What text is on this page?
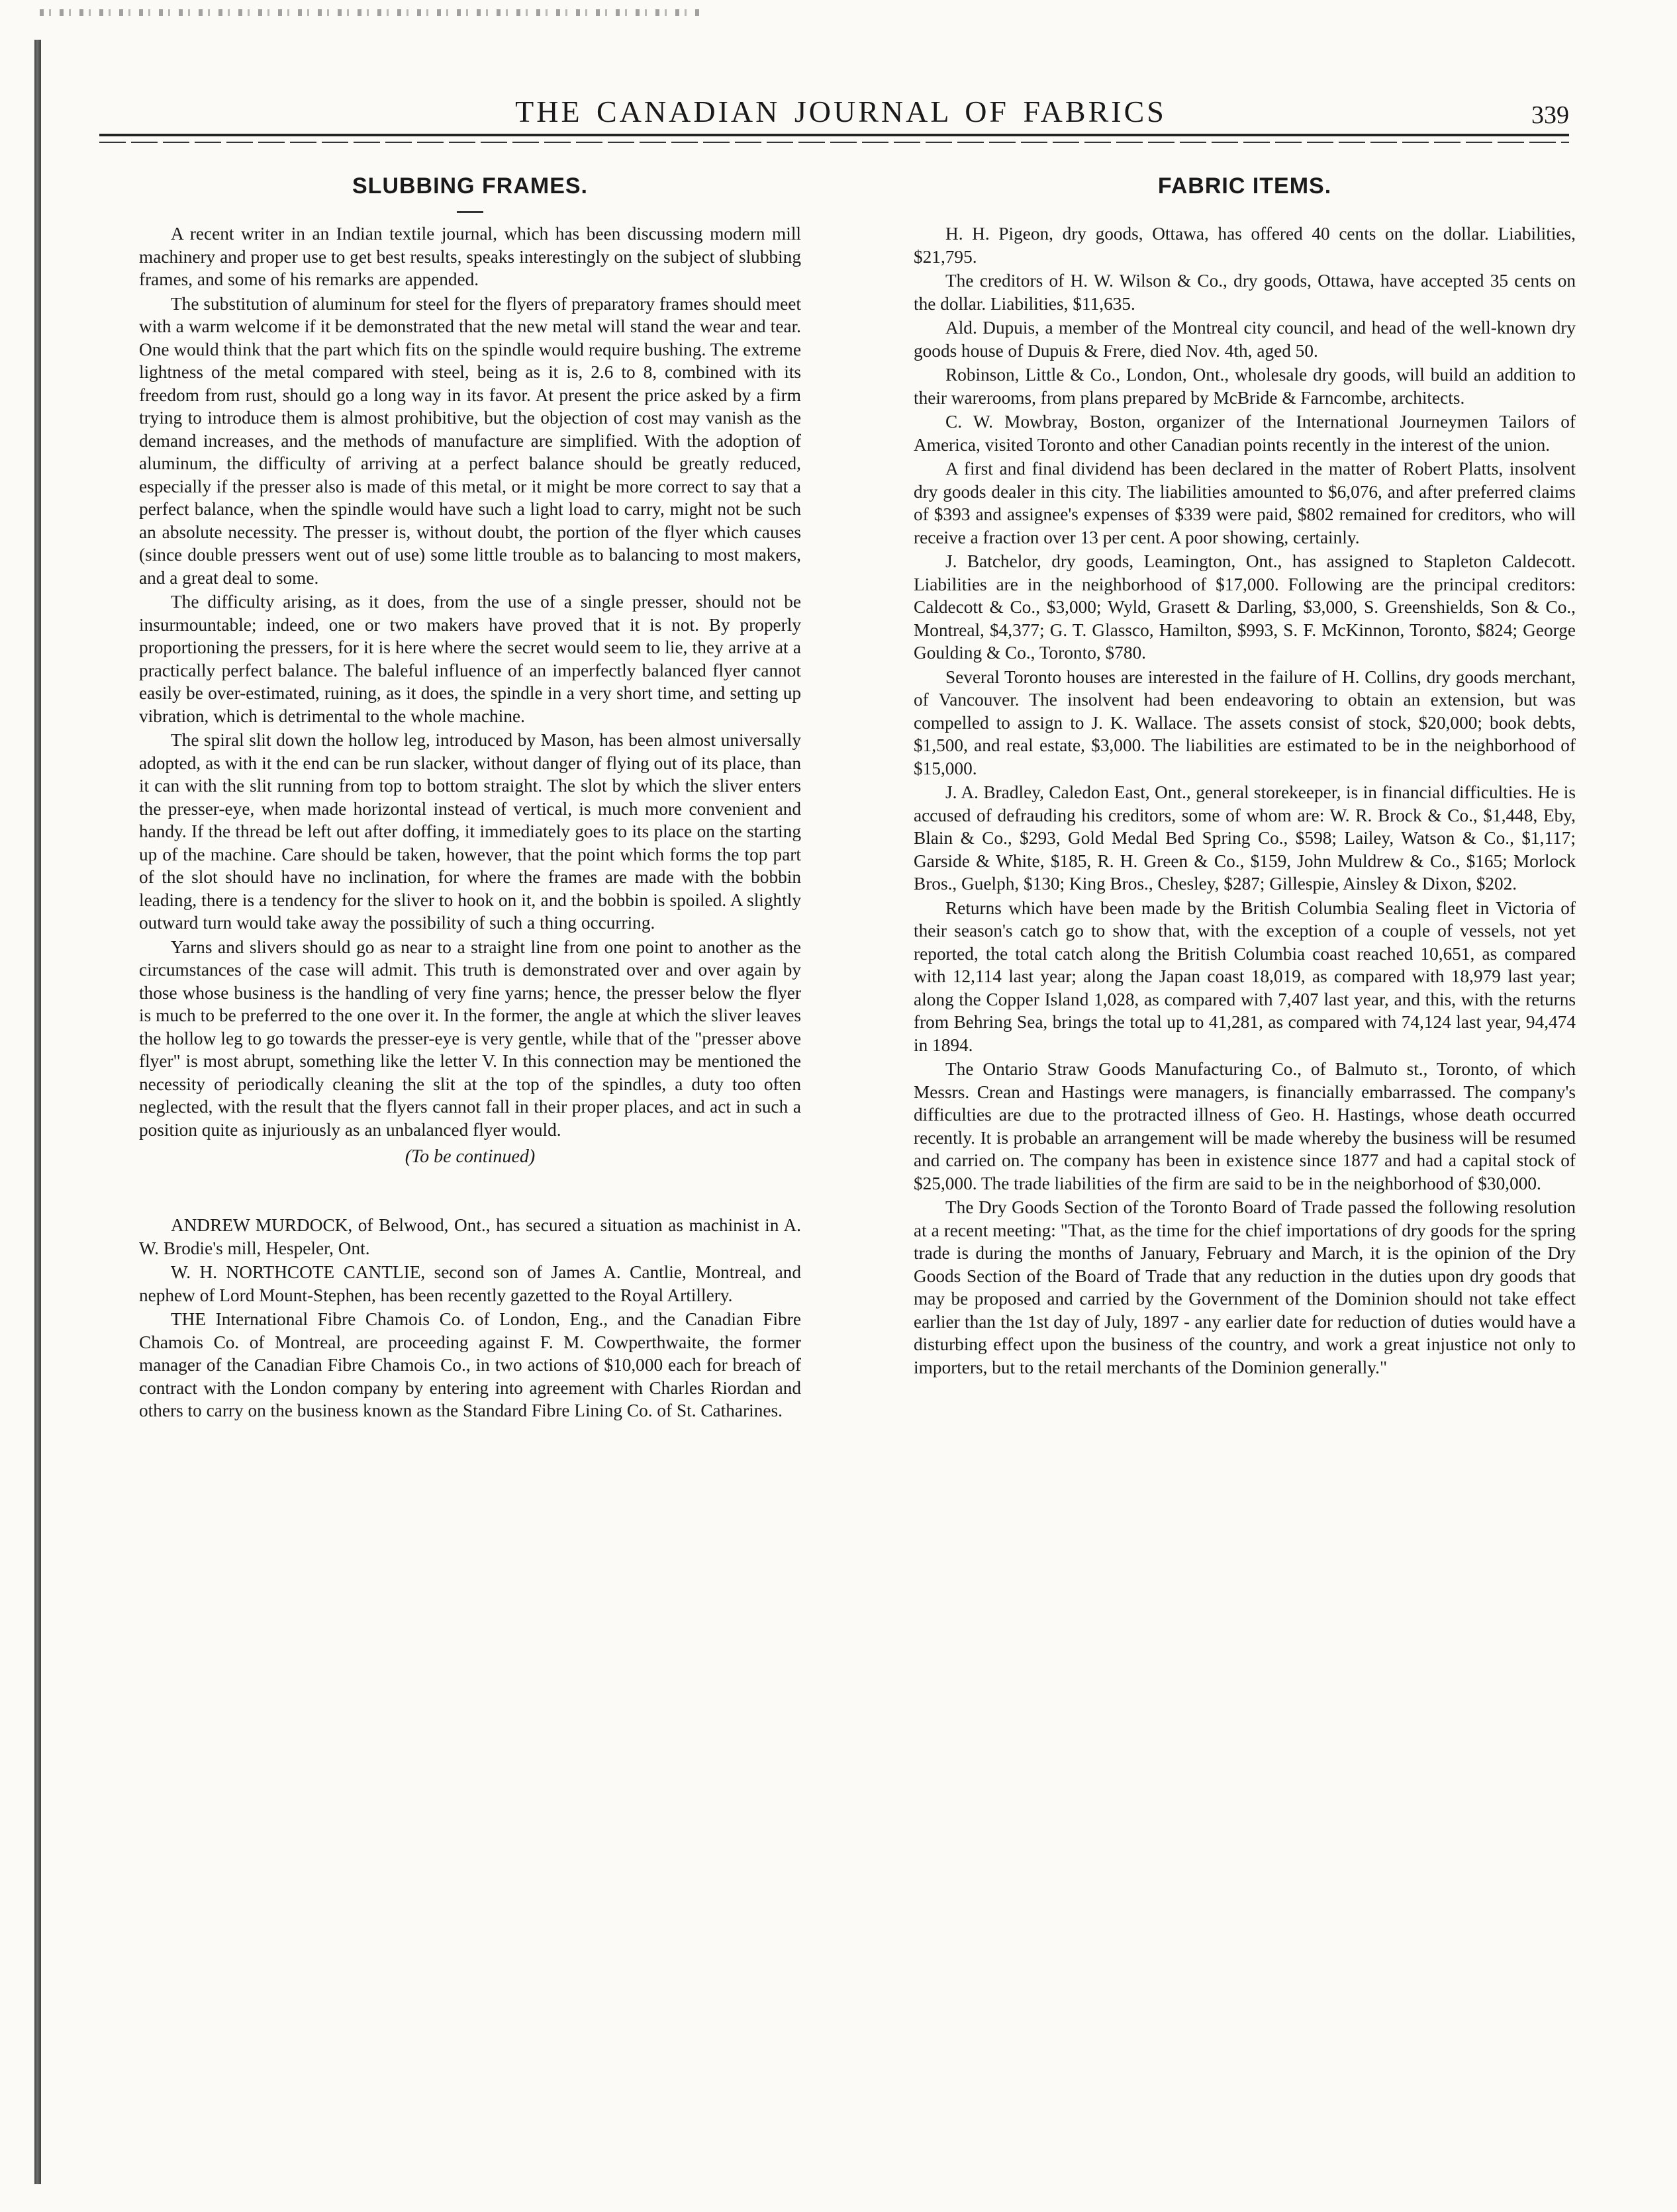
THE CANADIAN JOURNAL OF FABRICS	339
SLUBBING FRAMES.

A recent writer in an Indian textile journal, which has been discussing modern mill machinery and proper use to get best results, speaks interestingly on the subject of slubbing frames, and some of his remarks are appended.

The substitution of aluminum for steel for the flyers of preparatory frames should meet with a warm welcome if it be demonstrated that the new metal will stand the wear and tear. One would think that the part which fits on the spindle would require bushing. The extreme lightness of the metal compared with steel, being as it is, 2.6 to 8, combined with its freedom from rust, should go a long way in its favor. At present the price asked by a firm trying to introduce them is almost prohibitive, but the objection of cost may vanish as the demand increases, and the methods of manufacture are simplified. With the adoption of aluminum, the difficulty of arriving at a perfect balance should be greatly reduced, especially if the presser also is made of this metal, or it might be more correct to say that a perfect balance, when the spindle would have such a light load to carry, might not be such an absolute necessity. The presser is, without doubt, the portion of the flyer which causes (since double pressers went out of use) some little trouble as to balancing to most makers, and a great deal to some.

The difficulty arising, as it does, from the use of a single presser, should not be insurmountable; indeed, one or two makers have proved that it is not. By properly proportioning the pressers, for it is here where the secret would seem to lie, they arrive at a practically perfect balance. The baleful influence of an imperfectly balanced flyer cannot easily be over-estimated, ruining, as it does, the spindle in a very short time, and setting up vibration, which is detrimental to the whole machine.

The spiral slit down the hollow leg, introduced by Mason, has been almost universally adopted, as with it the end can be run slacker, without danger of flying out of its place, than it can with the slit running from top to bottom straight. The slot by which the sliver enters the presser-eye, when made horizontal instead of vertical, is much more convenient and handy. If the thread be left out after doffing, it immediately goes to its place on the starting up of the machine. Care should be taken, however, that the point which forms the top part of the slot should have no inclination, for where the frames are made with the bobbin leading, there is a tendency for the sliver to hook on it, and the bobbin is spoiled. A slightly outward turn would take away the possibility of such a thing occurring.

Yarns and slivers should go as near to a straight line from one point to another as the circumstances of the case will admit. This truth is demonstrated over and over again by those whose business is the handling of very fine yarns; hence, the presser below the flyer is much to be preferred to the one over it. In the former, the angle at which the sliver leaves the hollow leg to go towards the presser-eye is very gentle, while that of the "presser above flyer" is most abrupt, something like the letter V. In this connection may be mentioned the necessity of periodically cleaning the slit at the top of the spindles, a duty too often neglected, with the result that the flyers cannot fall in their proper places, and act in such a position quite as injuriously as an unbalanced flyer would.

(To be continued)

ANDREW MURDOCK, of Belwood, Ont., has secured a situation as machinist in A. W. Brodie's mill, Hespeler, Ont.

W. H. NORTHCOTE CANTLIE, second son of James A. Cantlie, Montreal, and nephew of Lord Mount-Stephen, has been recently gazetted to the Royal Artillery.

THE International Fibre Chamois Co. of London, Eng., and the Canadian Fibre Chamois Co. of Montreal, are proceeding against F. M. Cowperthwaite, the former manager of the Canadian Fibre Chamois Co., in two actions of $10,000 each for breach of contract with the London company by entering into agreement with Charles Riordan and others to carry on the business known as the Standard Fibre Lining Co. of St. Catharines.

FABRIC ITEMS.

H. H. Pigeon, dry goods, Ottawa, has offered 40 cents on the dollar. Liabilities, $21,795.

The creditors of H. W. Wilson & Co., dry goods, Ottawa, have accepted 35 cents on the dollar. Liabilities, $11,635.

Ald. Dupuis, a member of the Montreal city council, and head of the well-known dry goods house of Dupuis & Frere, died Nov. 4th, aged 50.

Robinson, Little & Co., London, Ont., wholesale dry goods, will build an addition to their warerooms, from plans prepared by McBride & Farncombe, architects.

C. W. Mowbray, Boston, organizer of the International Journeymen Tailors of America, visited Toronto and other Canadian points recently in the interest of the union.

A first and final dividend has been declared in the matter of Robert Platts, insolvent dry goods dealer in this city. The liabilities amounted to $6,076, and after preferred claims of $393 and assignee's expenses of $339 were paid, $802 remained for creditors, who will receive a fraction over 13 per cent. A poor showing, certainly.

J. Batchelor, dry goods, Leamington, Ont., has assigned to Stapleton Caldecott. Liabilities are in the neighborhood of $17,000. Following are the principal creditors: Caldecott & Co., $3,000; Wyld, Grasett & Darling, $3,000, S. Greenshields, Son & Co., Montreal, $4,377; G. T. Glassco, Hamilton, $993, S. F. McKinnon, Toronto, $824; George Goulding & Co., Toronto, $780.

Several Toronto houses are interested in the failure of H. Collins, dry goods merchant, of Vancouver. The insolvent had been endeavoring to obtain an extension, but was compelled to assign to J. K. Wallace. The assets consist of stock, $20,000; book debts, $1,500, and real estate, $3,000. The liabilities are estimated to be in the neighborhood of $15,000.

J. A. Bradley, Caledon East, Ont., general storekeeper, is in financial difficulties. He is accused of defrauding his creditors, some of whom are: W. R. Brock & Co., $1,448, Eby, Blain & Co., $293, Gold Medal Bed Spring Co., $598; Lailey, Watson & Co., $1,117; Garside & White, $185, R. H. Green & Co., $159, John Muldrew & Co., $165; Morlock Bros., Guelph, $130; King Bros., Chesley, $287; Gillespie, Ainsley & Dixon, $202.

Returns which have been made by the British Columbia Sealing fleet in Victoria of their season's catch go to show that, with the exception of a couple of vessels, not yet reported, the total catch along the British Columbia coast reached 10,651, as compared with 12,114 last year; along the Japan coast 18,019, as compared with 18,979 last year; along the Copper Island 1,028, as compared with 7,407 last year, and this, with the returns from Behring Sea, brings the total up to 41,281, as compared with 74,124 last year, 94,474 in 1894.

The Ontario Straw Goods Manufacturing Co., of Balmuto st., Toronto, of which Messrs. Crean and Hastings were managers, is financially embarrassed. The company's difficulties are due to the protracted illness of Geo. H. Hastings, whose death occurred recently. It is probable an arrangement will be made whereby the business will be resumed and carried on. The company has been in existence since 1877 and had a capital stock of $25,000. The trade liabilities of the firm are said to be in the neighborhood of $30,000.

The Dry Goods Section of the Toronto Board of Trade passed the following resolution at a recent meeting: "That, as the time for the chief importations of dry goods for the spring trade is during the months of January, February and March, it is the opinion of the Dry Goods Section of the Board of Trade that any reduction in the duties upon dry goods that may be proposed and carried by the Government of the Dominion should not take effect earlier than the 1st day of July, 1897 - any earlier date for reduction of duties would have a disturbing effect upon the business of the country, and work a great injustice not only to importers, but to the retail merchants of the Dominion generally."
